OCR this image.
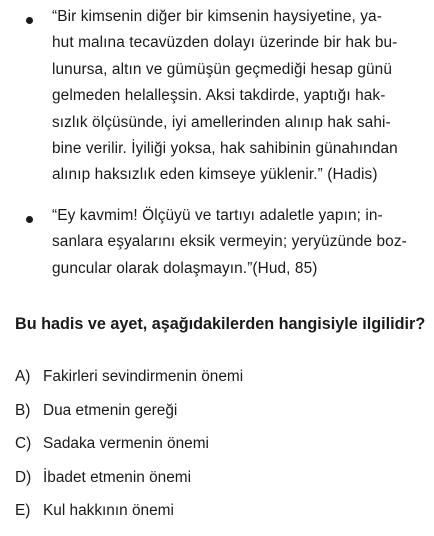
“Bir kimsenin diğer bir kimsenin haysiyetine, ya-
hut malına tecavüzden dolayı üzerinde bir hak bu-
lunursa, altın ve gümüşün geçmediği hesap günü
gelmeden helalleşsin. Aksi takdirde, yaptığı hak-
sızlık ölçüsünde, iyi amellerinden alınıp hak sahi-
bine verilir. İyiliği yoksa, hak sahibinin günahından
alınıp haksızlık eden kimseye yüklenir.” (Hadis)
“Ey kavmim! Ölçüyü ve tartıyı adaletle yapın; in-
sanlara eşyalarını eksik vermeyin; yeryüzünde boz-
guncular olarak dolaşmayın.”(Hud, 85)

Bu hadis ve ayet, aşağıdakilerden hangisiyle ilgilidir?

A) Fakirleri sevindirmenin önemi
B) Dua etmenin gereği
C) Sadaka vermenin önemi
D) İbadet etmenin önemi
E) Kul hakkının önemi
